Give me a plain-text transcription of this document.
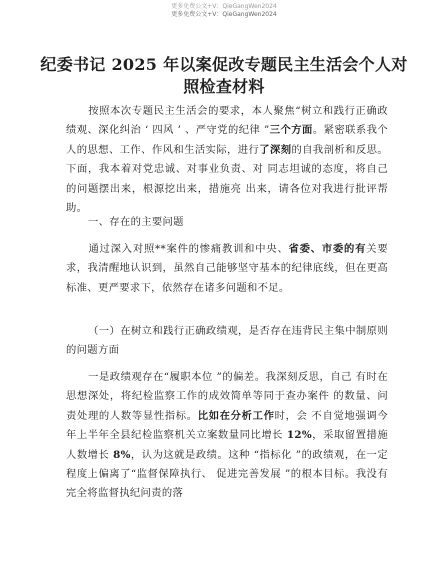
更多免费公文+V：QieGangWen2024
更多免费公文+V：QieGangWen2024
纪委书记 2025 年以案促改专题民主生活会个人对照检查材料
按照本次专题民主生活会的要求，本人聚焦“树立和践行正确政绩观、深化纠治 ‘ 四风 ’ 、严守党的纪律 ”三个方面。紧密联系我个人的思想、工作、作风和生活实际，进行了深刻的自我剖析和反思。下面，我本着对党忠诚、对事业负责、对 同志坦诚的态度，将自己的问题摆出来，根源挖出来，措施亮 出来，请各位对我进行批评帮助。
一、存在的主要问题
通过深入对照**案件的惨痛教训和中央、省委、市委的有关要求，我清醒地认识到，虽然自己能够坚守基本的纪律底线，但在更高标准、更严要求下，依然存在诸多问题和不足。
（一）在树立和践行正确政绩观，是否存在违背民主集中制原则的问题方面
一是政绩观存在“履职本位 ”的偏差。我深刻反思，自己 有时在思想深处，将纪检监察工作的成效简单等同于查办案件 的数量、问责处理的人数等显性指标。比如在分析工作时，会 不自觉地强调今年上半年全县纪检监察机关立案数量同比增长 12%，采取留置措施人数增长 8%，认为这就是政绩。这种 “指标化 ”的政绩观，在一定程度上偏离了“监督保障执行、 促进完善发展 ”的根本目标。我没有完全将监督执纪问责的落
